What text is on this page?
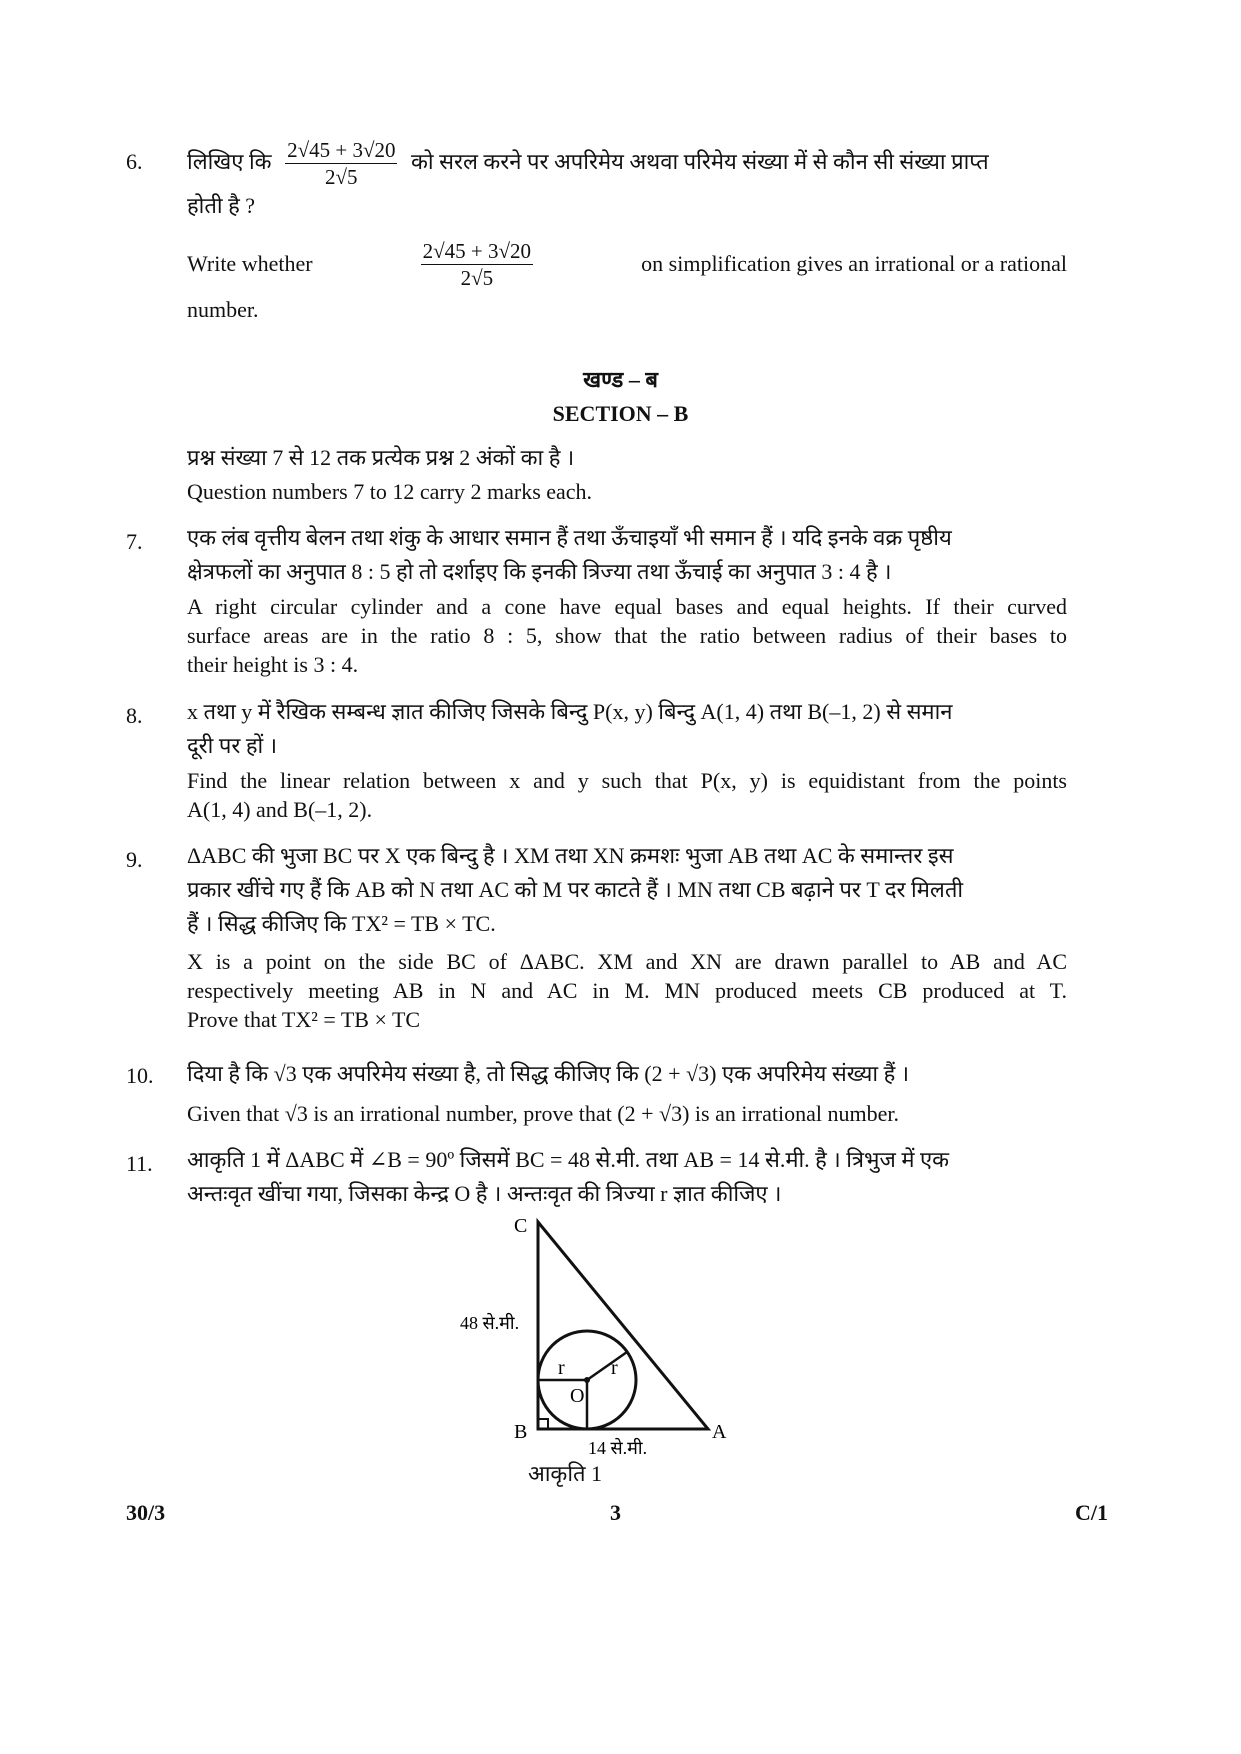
6. लिखिए कि $\frac{2√45 + 3√20}{2√5}$ को सरल करने पर अपरिमेय अथवा परिमेय संख्या में से कौन सी संख्या प्राप्त
होती है ?
Write whether	$\frac{2√45 + 3√20}{2√5}$	on simplification gives an irrational or a rational
number.
खण्ड – ब
SECTION – B
प्रश्न संख्या 7 से 12 तक प्रत्येक प्रश्न 2 अंकों का है ।
Question numbers 7 to 12 carry 2 marks each.
7. एक लंब वृत्तीय बेलन तथा शंकु के आधार समान हैं तथा ऊँचाइयाँ भी समान हैं । यदि इनके वक्र पृष्ठीय
क्षेत्रफलों का अनुपात 8 : 5 हो तो दर्शाइए कि इनकी त्रिज्या तथा ऊँचाई का अनुपात 3 : 4 है ।
A right circular cylinder and a cone have equal bases and equal heights. If their curved
surface areas are in the ratio 8 : 5, show that the ratio between radius of their bases to
their height is 3 : 4.
8. x तथा y में रैखिक सम्बन्ध ज्ञात कीजिए जिसके बिन्दु P(x, y) बिन्दु A(1, 4) तथा B(–1, 2) से समान
दूरी पर हों ।
Find the linear relation between x and y such that P(x, y) is equidistant from the points
A(1, 4) and B(–1, 2).
9. ΔABC की भुजा BC पर X एक बिन्दु है । XM तथा XN क्रमशः भुजा AB तथा AC के समान्तर इस
प्रकार खींचे गए हैं कि AB को N तथा AC को M पर काटते हैं । MN तथा CB बढ़ाने पर T दर मिलती
हैं । सिद्ध कीजिए कि TX² = TB × TC.
X is a point on the side BC of ΔABC. XM and XN are drawn parallel to AB and AC
respectively meeting AB in N and AC in M. MN produced meets CB produced at T.
Prove that TX² = TB × TC
10. दिया है कि √3 एक अपरिमेय संख्या है, तो सिद्ध कीजिए कि (2 + √3) एक अपरिमेय संख्या हैं ।
Given that √3 is an irrational number, prove that (2 + √3) is an irrational number.
11. आकृति 1 में ΔABC में ∠B = 90º जिसमें BC = 48 से.मी. तथा AB = 14 से.मी. है । त्रिभुज में एक
अन्तःवृत खींचा गया, जिसका केन्द्र O है । अन्तःवृत की त्रिज्या r ज्ञात कीजिए ।
C
B	A
O
r r
48 से.मी.
14 से.मी.
आकृति 1
30/3	3	C/1
